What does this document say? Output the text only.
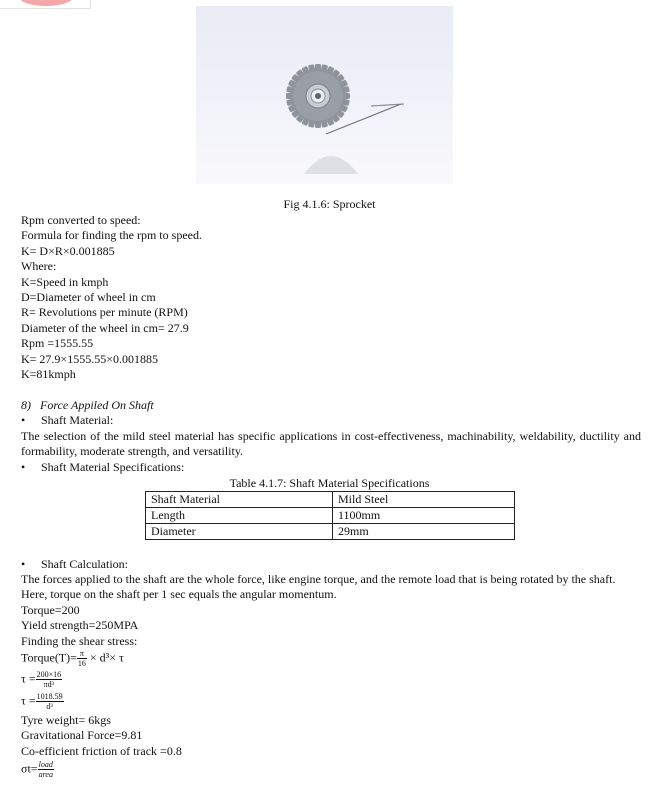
Fig 4.1.6: Sprocket
Rpm converted to speed:
Formula for finding the rpm to speed.
K= D×R×0.001885
Where:
K=Speed in kmph
D=Diameter of wheel in cm
R= Revolutions per minute (RPM)
Diameter of the wheel in cm= 27.9
Rpm =1555.55
K= 27.9×1555.55×0.001885
K=81kmph
8) Force Appiled On Shaft
• Shaft Material:
The selection of the mild steel material has specific applications in cost-effectiveness, machinability, weldability, ductility and formability, moderate strength, and versatility.
• Shaft Material Specifications:
Table 4.1.7: Shaft Material Specifications
Shaft Material	Mild Steel
Length	1100mm
Diameter	29mm
• Shaft Calculation:
The forces applied to the shaft are the whole force, like engine torque, and the remote load that is being rotated by the shaft.
Here, torque on the shaft per 1 sec equals the angular momentum.
Torque=200
Yield strength=250MPA
Finding the shear stress:
Torque(T)= $\frac{\pi}{16} \times d^3\times \tau$
$\tau = \frac{200\times 16}{\text{πd³}}$
$\tau = \frac{1018.59}{\text{d³}}$
Tyre weight= 6kgs
Gravitational Force=9.81
Co-efficient friction of track =0.8
$\sigma t= \frac{\text{load}}{\text{area}}$
